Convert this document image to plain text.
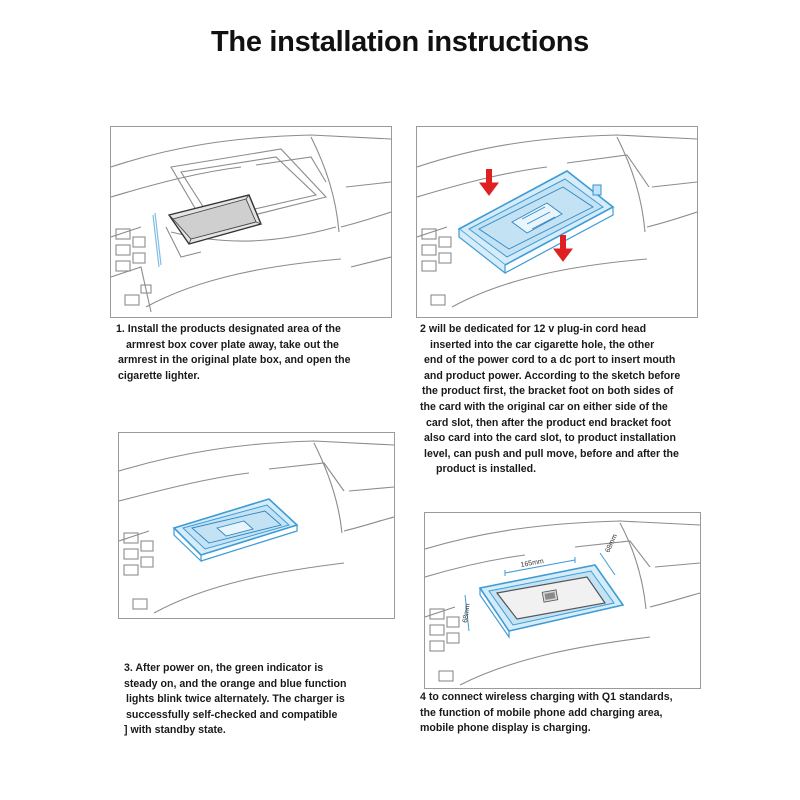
The installation instructions
165mm
68mm
68mm
1. Install the products designated area of the
armrest box cover plate away, take out the
armrest in the original plate box, and open the
cigarette lighter.
2 will be dedicated for 12 v plug-in cord head
inserted into the car cigarette hole, the other
end of the power cord to a dc port to insert mouth
and product power. According to the sketch before
the product first, the bracket foot on both sides of
the card with the original car on either side of the
card slot, then after the product end bracket foot
also card into the card slot, to product installation
level, can push and pull move, before and after the
product is installed.
3. After power on, the green indicator is
steady on, and the orange and blue function
lights blink twice alternately. The charger is
successfully self-checked and compatible
] with standby state.
4 to connect wireless charging with Q1 standards,
the function of mobile phone add charging area,
mobile phone display is charging.
